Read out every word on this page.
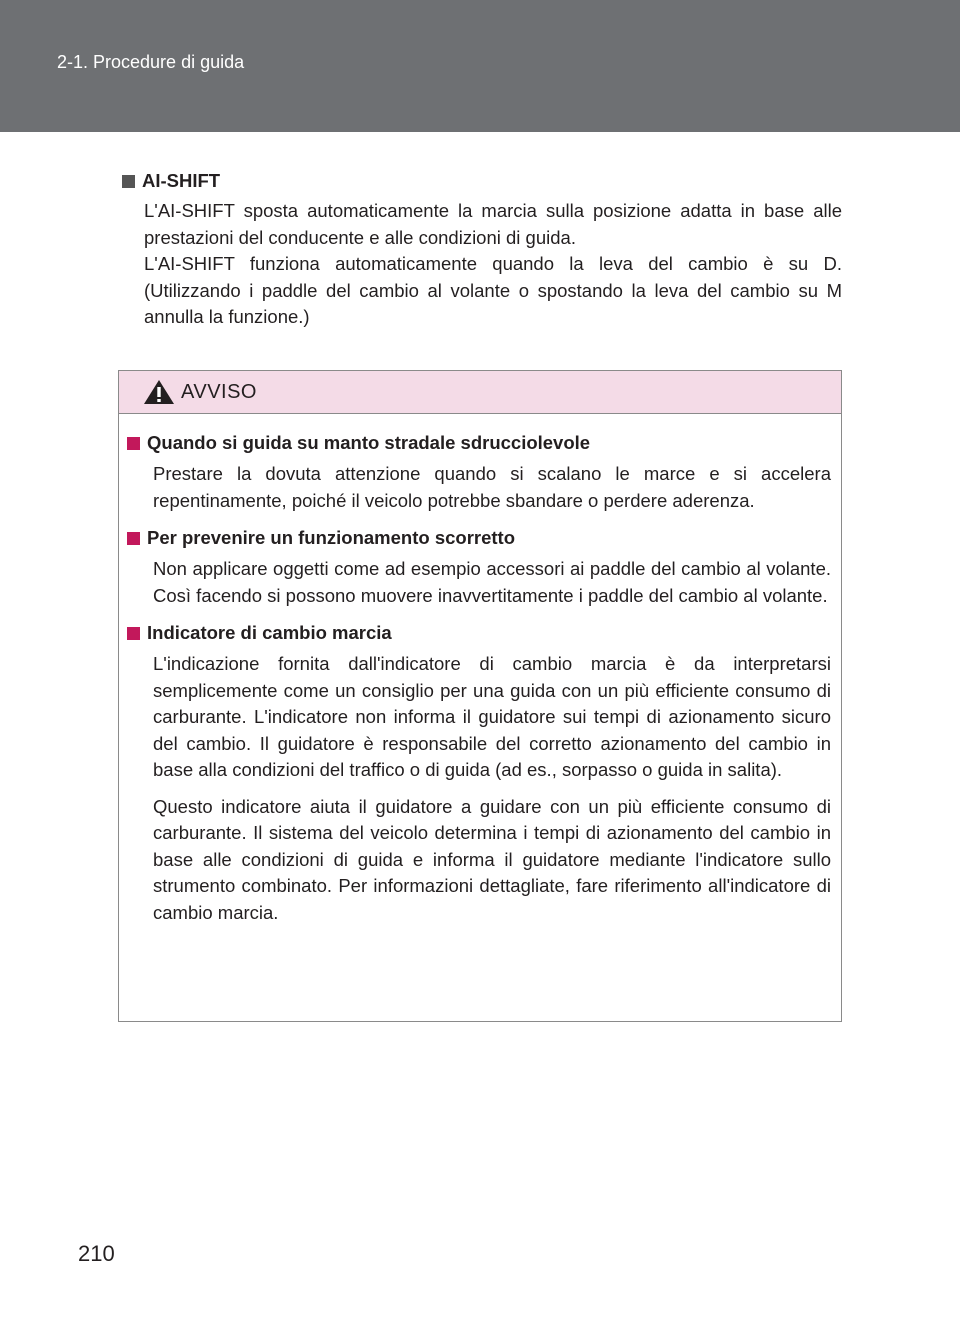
2-1. Procedure di guida
AI-SHIFT
L'AI-SHIFT sposta automaticamente la marcia sulla posizione adatta in base alle prestazioni del conducente e alle condizioni di guida.
L'AI-SHIFT funziona automaticamente quando la leva del cambio è su D. (Utilizzando i paddle del cambio al volante o spostando la leva del cambio su M annulla la funzione.)
AVVISO
Quando si guida su manto stradale sdrucciolevole
Prestare la dovuta attenzione quando si scalano le marce e si accelera repentinamente, poiché il veicolo potrebbe sbandare o perdere aderenza.
Per prevenire un funzionamento scorretto
Non applicare oggetti come ad esempio accessori ai paddle del cambio al volante. Così facendo si possono muovere inavvertitamente i paddle del cambio al volante.
Indicatore di cambio marcia
L'indicazione fornita dall'indicatore di cambio marcia è da interpretarsi semplicemente come un consiglio per una guida con un più efficiente consumo di carburante. L'indicatore non informa il guidatore sui tempi di azionamento sicuro del cambio. Il guidatore è responsabile del corretto azionamento del cambio in base alla condizioni del traffico o di guida (ad es., sorpasso o guida in salita).
Questo indicatore aiuta il guidatore a guidare con un più efficiente consumo di carburante. Il sistema del veicolo determina i tempi di azionamento del cambio in base alle condizioni di guida e informa il guidatore mediante l'indicatore sullo strumento combinato. Per informazioni dettagliate, fare riferimento all'indicatore di cambio marcia.
210
